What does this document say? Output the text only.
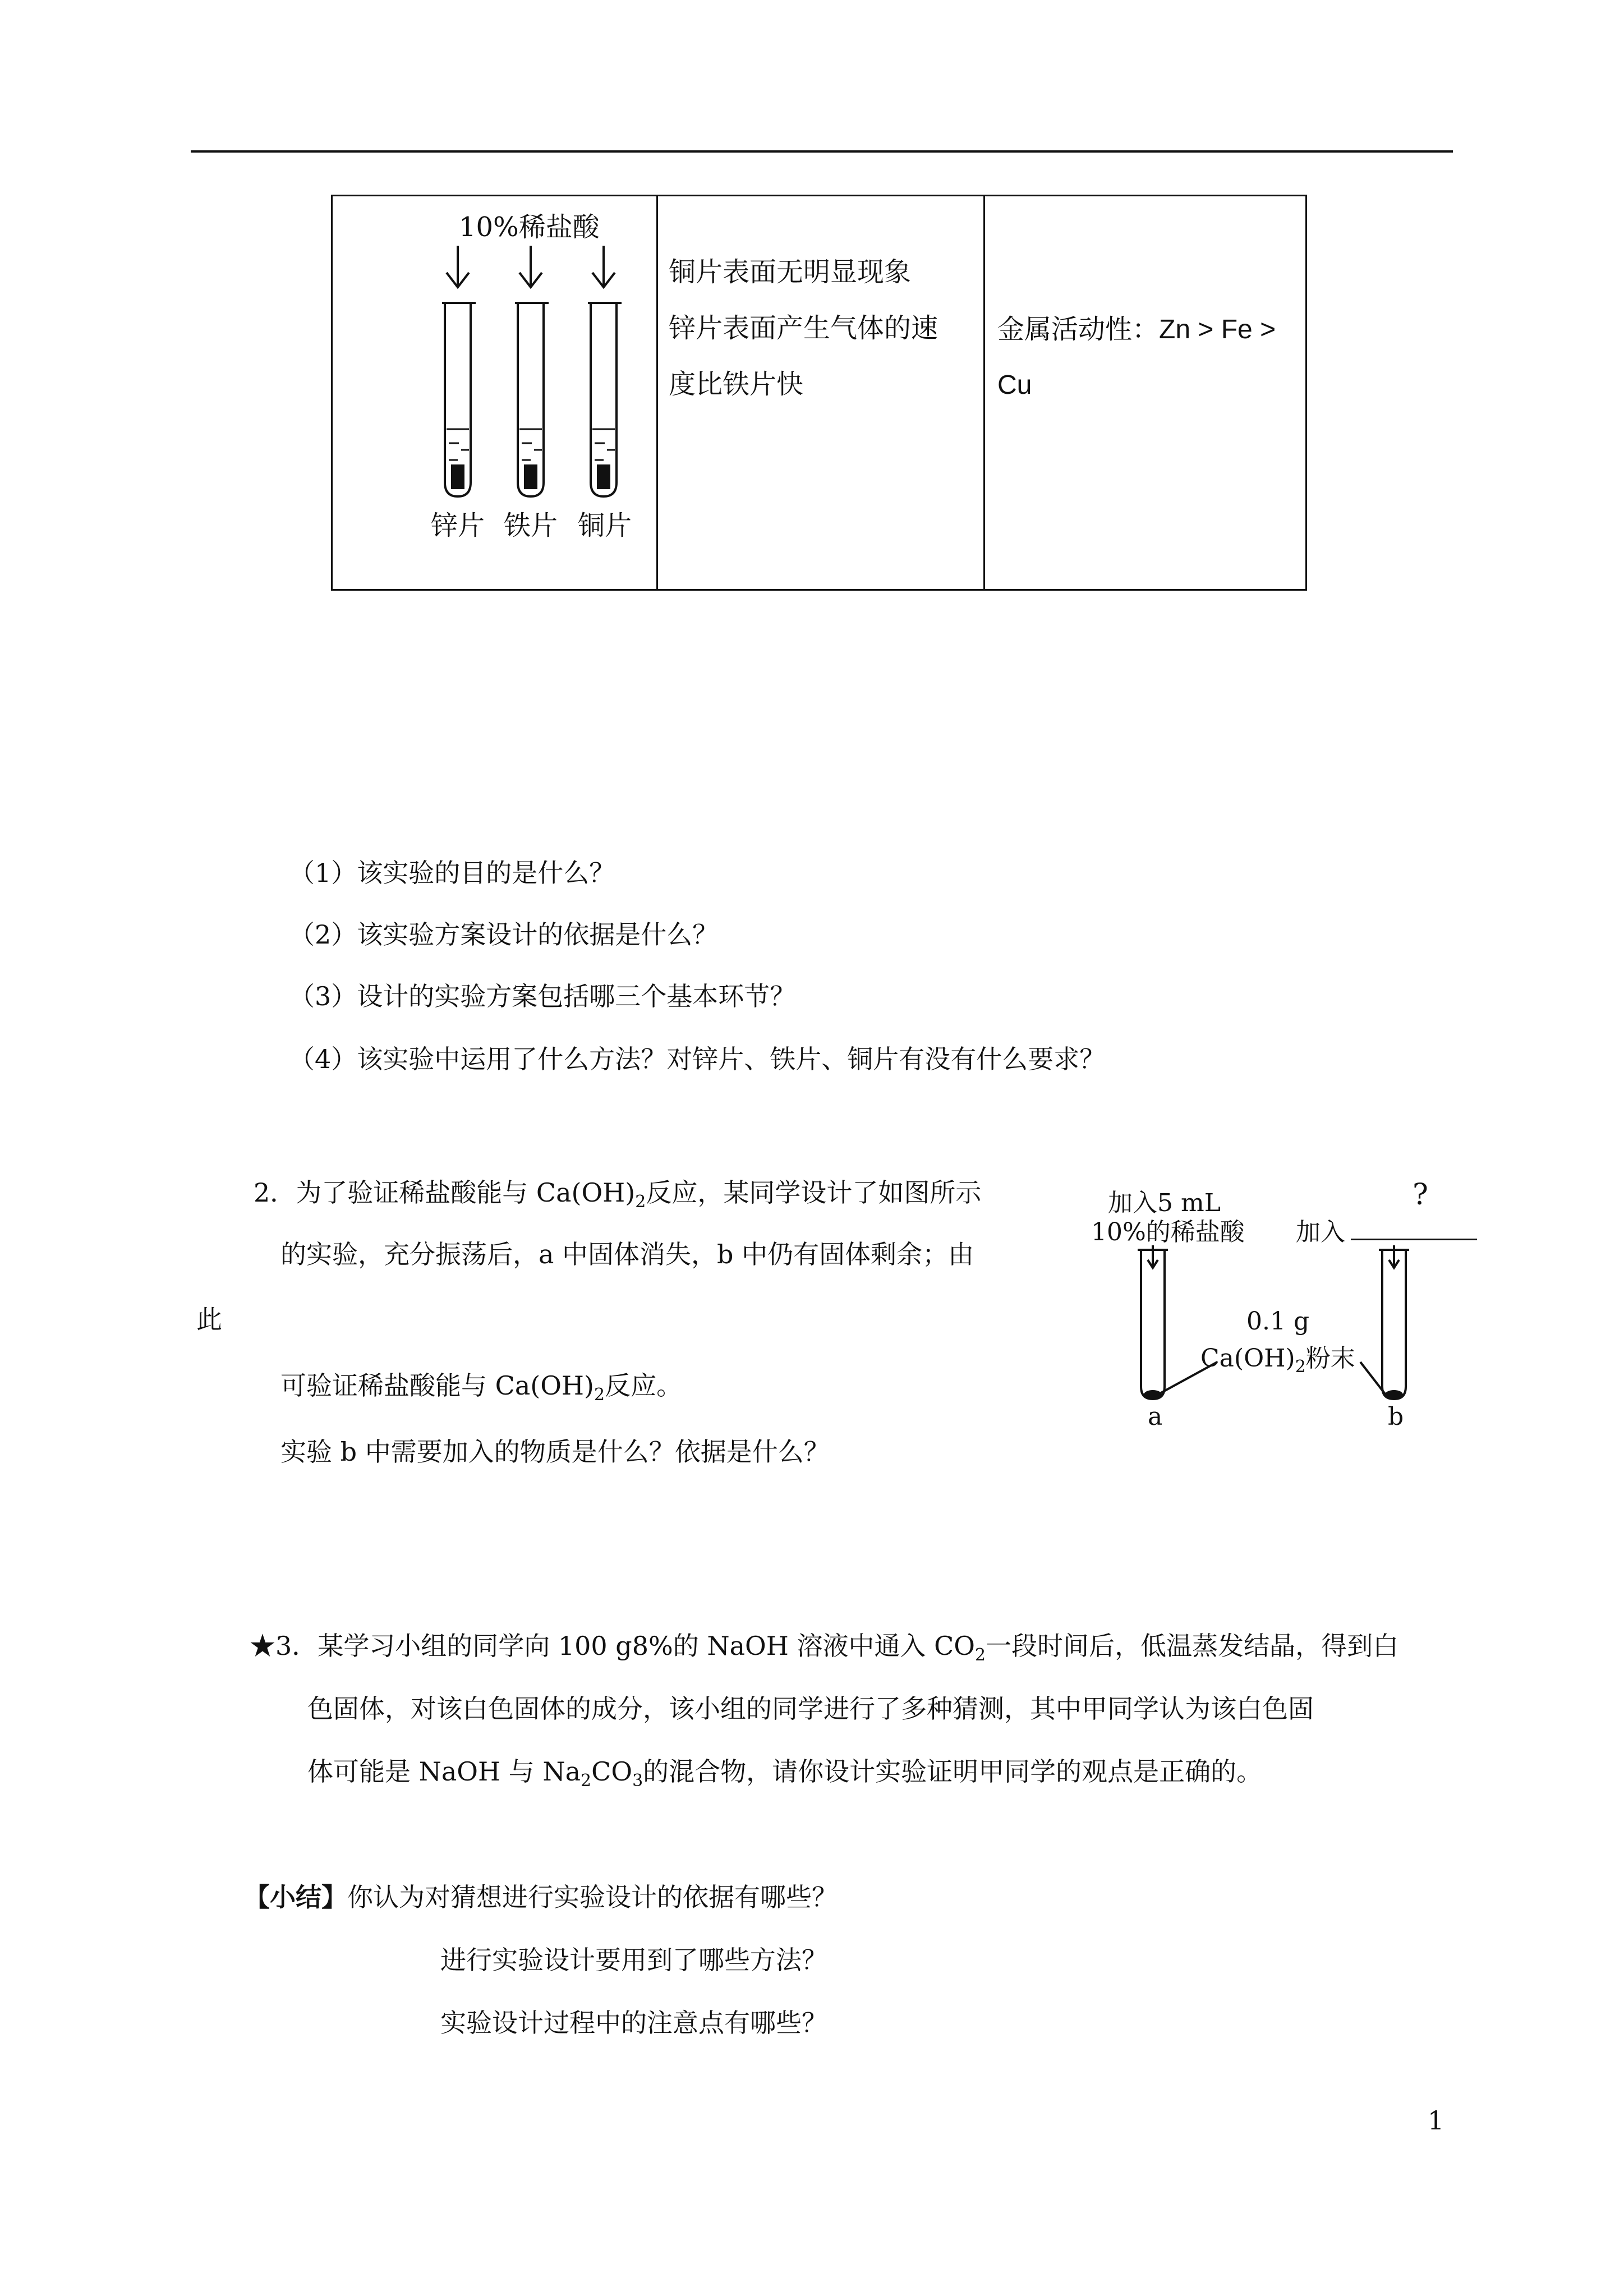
10%稀盐酸
锌片 铁片 铜片
铜片表面无明显现象
锌片表面产生气体的速
度比铁片快
金属活动性：Zn > Fe >
Cu
（1）该实验的目的是什么？
（2）该实验方案设计的依据是什么？
（3）设计的实验方案包括哪三个基本环节？
（4）该实验中运用了什么方法？对锌片、铁片、铜片有没有什么要求？
2．为了验证稀盐酸能与 $Ca(OH)_2$反应，某同学设计了如图所示
的实验，充分振荡后，a 中固体消失，b 中仍有固体剩余；由
此
可验证稀盐酸能与 $Ca(OH)_2$反应。
实验 b 中需要加入的物质是什么？依据是什么？
加入5 mL
10%的稀盐酸 加入
?
0.1 g
$Ca(OH)_2$粉末
a	b
★3．某学习小组的同学向 100 g8%的 NaOH 溶液中通入 $CO_2$一段时间后，低温蒸发结晶，得到白
色固体，对该白色固体的成分，该小组的同学进行了多种猜测，其中甲同学认为该白色固
体可能是 NaOH 与 $Na_2CO_3$的混合物，请你设计实验证明甲同学的观点是正确的。
【小结】你认为对猜想进行实验设计的依据有哪些？
进行实验设计要用到了哪些方法？
实验设计过程中的注意点有哪些？
1
